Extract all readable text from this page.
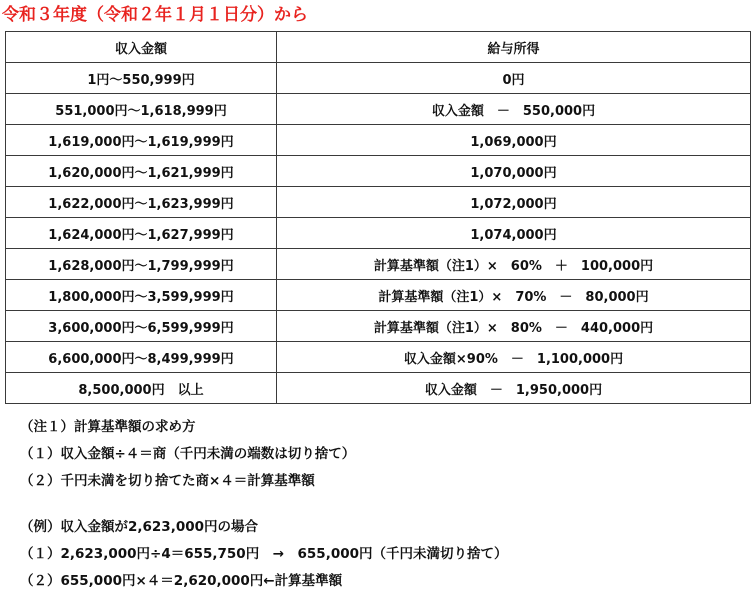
令和３年度（令和２年１月１日分）から
収入金額	給与所得
1円～550,999円	0円
551,000円～1,618,999円	収入金額　－　550,000円
1,619,000円～1,619,999円	1,069,000円
1,620,000円～1,621,999円	1,070,000円
1,622,000円～1,623,999円	1,072,000円
1,624,000円～1,627,999円	1,074,000円
1,628,000円～1,799,999円	計算基準額（注1）×　60%　＋　100,000円
1,800,000円～3,599,999円	計算基準額（注1）×　70%　－　80,000円
3,600,000円～6,599,999円	計算基準額（注1）×　80%　－　440,000円
6,600,000円～8,499,999円	収入金額×90%　－　1,100,000円
8,500,000円　以上	収入金額　－　1,950,000円
（注１）計算基準額の求め方
（１）収入金額÷４＝商（千円未満の端数は切り捨て）
（２）千円未満を切り捨てた商×４＝計算基準額
（例）収入金額が2,623,000円の場合
（１）2,623,000円÷4＝655,750円　→　655,000円（千円未満切り捨て）
（２）655,000円×４＝2,620,000円←計算基準額
